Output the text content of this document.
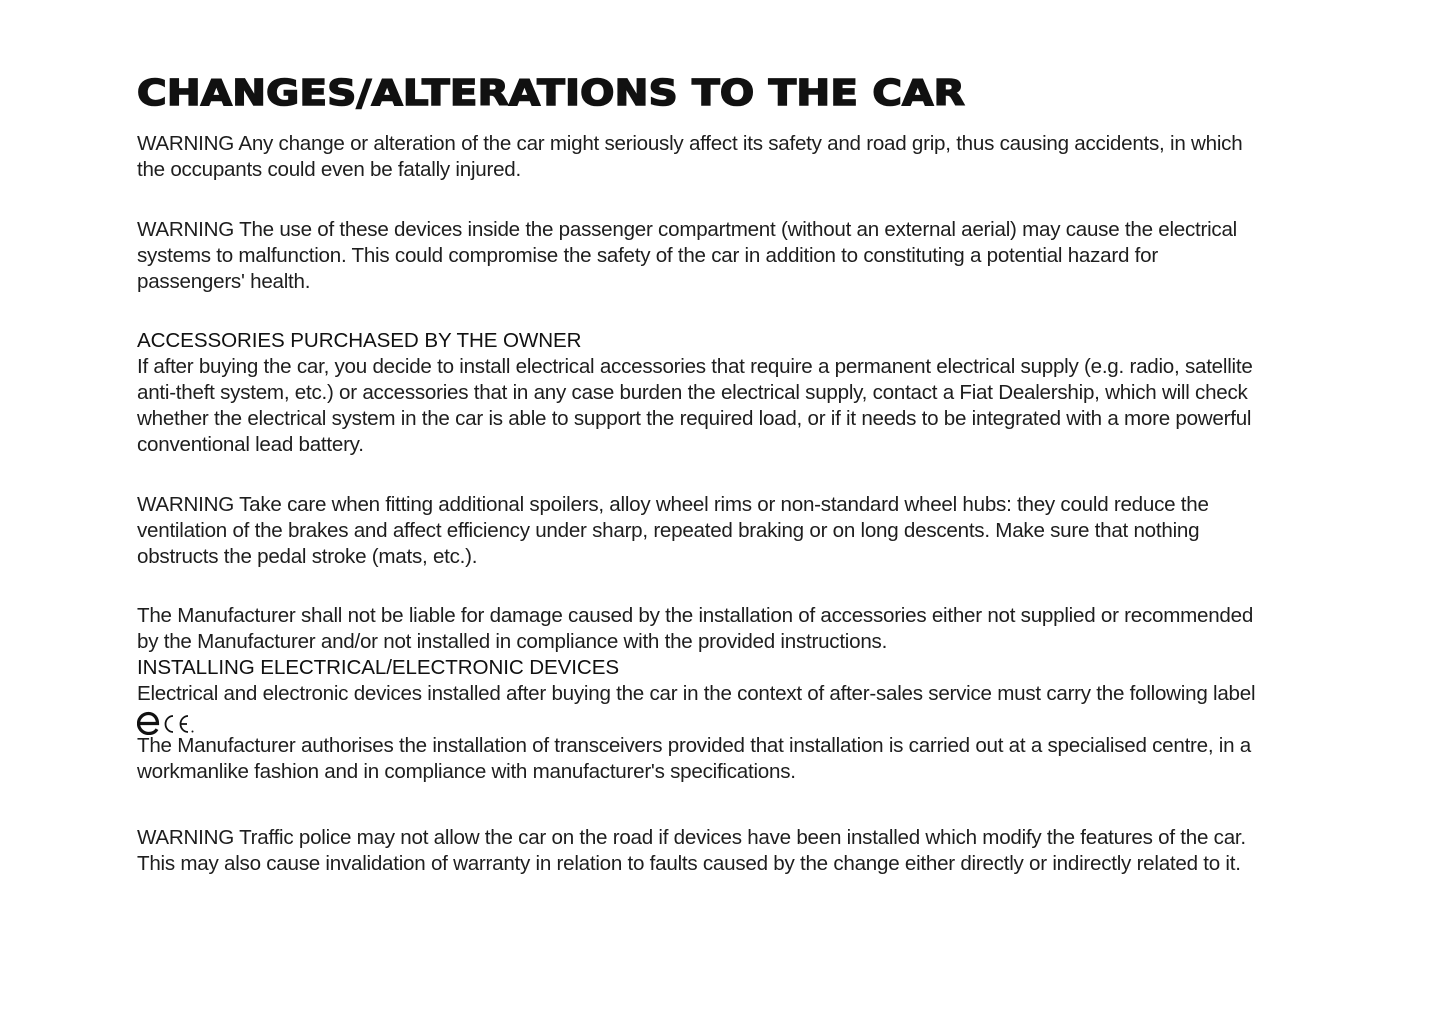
CHANGES/ALTERATIONS TO THE CAR

WARNING Any change or alteration of the car might seriously affect its safety and road grip, thus causing accidents, in which
the occupants could even be fatally injured.

WARNING The use of these devices inside the passenger compartment (without an external aerial) may cause the electrical
systems to malfunction. This could compromise the safety of the car in addition to constituting a potential hazard for
passengers' health.

ACCESSORIES PURCHASED BY THE OWNER
If after buying the car, you decide to install electrical accessories that require a permanent electrical supply (e.g. radio, satellite
anti-theft system, etc.) or accessories that in any case burden the electrical supply, contact a Fiat Dealership, which will check
whether the electrical system in the car is able to support the required load, or if it needs to be integrated with a more powerful
conventional lead battery.

WARNING Take care when fitting additional spoilers, alloy wheel rims or non-standard wheel hubs: they could reduce the
ventilation of the brakes and affect efficiency under sharp, repeated braking or on long descents. Make sure that nothing
obstructs the pedal stroke (mats, etc.).

The Manufacturer shall not be liable for damage caused by the installation of accessories either not supplied or recommended
by the Manufacturer and/or not installed in compliance with the provided instructions.
INSTALLING ELECTRICAL/ELECTRONIC DEVICES
Electrical and electronic devices installed after buying the car in the context of after-sales service must carry the following label
The Manufacturer authorises the installation of transceivers provided that installation is carried out at a specialised centre, in a
workmanlike fashion and in compliance with manufacturer's specifications.

WARNING Traffic police may not allow the car on the road if devices have been installed which modify the features of the car.
This may also cause invalidation of warranty in relation to faults caused by the change either directly or indirectly related to it.
